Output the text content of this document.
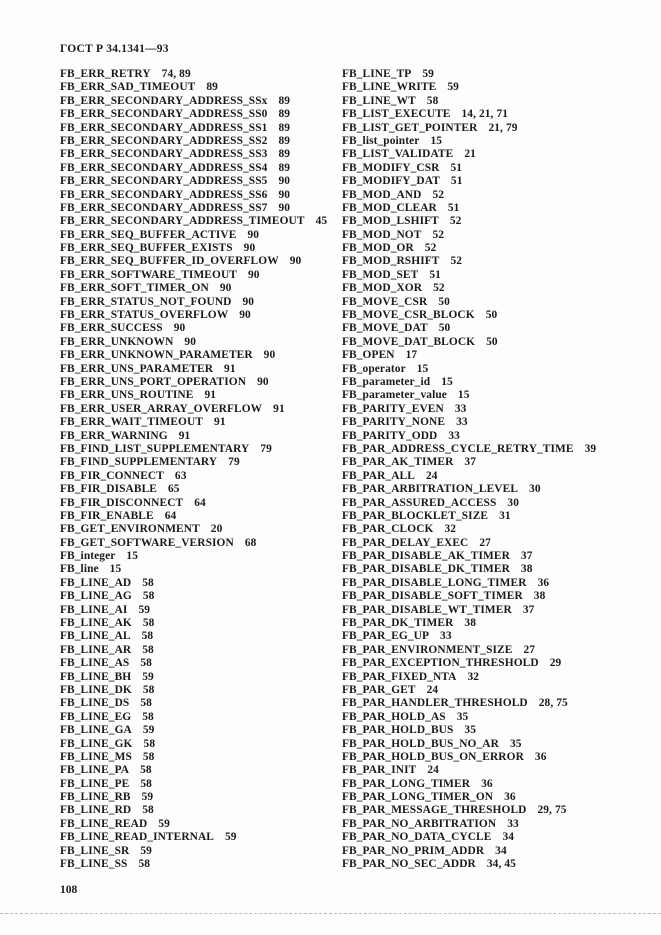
ГОСТ Р 34.1341—93
FB_ERR_RETRY 74, 89
FB_ERR_SAD_TIMEOUT 89
FB_ERR_SECONDARY_ADDRESS_SSx 89
FB_ERR_SECONDARY_ADDRESS_SS0 89
FB_ERR_SECONDARY_ADDRESS_SS1 89
FB_ERR_SECONDARY_ADDRESS_SS2 89
FB_ERR_SECONDARY_ADDRESS_SS3 89
FB_ERR_SECONDARY_ADDRESS_SS4 89
FB_ERR_SECONDARY_ADDRESS_SS5 90
FB_ERR_SECONDARY_ADDRESS_SS6 90
FB_ERR_SECONDARY_ADDRESS_SS7 90
FB_ERR_SECONDARY_ADDRESS_TIMEOUT 45
FB_ERR_SEQ_BUFFER_ACTIVE 90
FB_ERR_SEQ_BUFFER_EXISTS 90
FB_ERR_SEQ_BUFFER_ID_OVERFLOW 90
FB_ERR_SOFTWARE_TIMEOUT 90
FB_ERR_SOFT_TIMER_ON 90
FB_ERR_STATUS_NOT_FOUND 90
FB_ERR_STATUS_OVERFLOW 90
FB_ERR_SUCCESS 90
FB_ERR_UNKNOWN 90
FB_ERR_UNKNOWN_PARAMETER 90
FB_ERR_UNS_PARAMETER 91
FB_ERR_UNS_PORT_OPERATION 90
FB_ERR_UNS_ROUTINE 91
FB_ERR_USER_ARRAY_OVERFLOW 91
FB_ERR_WAIT_TIMEOUT 91
FB_ERR_WARNING 91
FB_FIND_LIST_SUPPLEMENTARY 79
FB_FIND_SUPPLEMENTARY 79
FB_FIR_CONNECT 63
FB_FIR_DISABLE 65
FB_FIR_DISCONNECT 64
FB_FIR_ENABLE 64
FB_GET_ENVIRONMENT 20
FB_GET_SOFTWARE_VERSION 68
FB_integer 15
FB_line 15
FB_LINE_AD 58
FB_LINE_AG 58
FB_LINE_AI 59
FB_LINE_AK 58
FB_LINE_AL 58
FB_LINE_AR 58
FB_LINE_AS 58
FB_LINE_BH 59
FB_LINE_DK 58
FB_LINE_DS 58
FB_LINE_EG 58
FB_LINE_GA 59
FB_LINE_GK 58
FB_LINE_MS 58
FB_LINE_PA 58
FB_LINE_PE 58
FB_LINE_RB 59
FB_LINE_RD 58
FB_LINE_READ 59
FB_LINE_READ_INTERNAL 59
FB_LINE_SR 59
FB_LINE_SS 58
FB_LINE_TP 59
FB_LINE_WRITE 59
FB_LINE_WT 58
FB_LIST_EXECUTE 14, 21, 71
FB_LIST_GET_POINTER 21, 79
FB_list_pointer 15
FB_LIST_VALIDATE 21
FB_MODIFY_CSR 51
FB_MODIFY_DAT 51
FB_MOD_AND 52
FB_MOD_CLEAR 51
FB_MOD_LSHIFT 52
FB_MOD_NOT 52
FB_MOD_OR 52
FB_MOD_RSHIFT 52
FB_MOD_SET 51
FB_MOD_XOR 52
FB_MOVE_CSR 50
FB_MOVE_CSR_BLOCK 50
FB_MOVE_DAT 50
FB_MOVE_DAT_BLOCK 50
FB_OPEN 17
FB_operator 15
FB_parameter_id 15
FB_parameter_value 15
FB_PARITY_EVEN 33
FB_PARITY_NONE 33
FB_PARITY_ODD 33
FB_PAR_ADDRESS_CYCLE_RETRY_TIME 39
FB_PAR_AK_TIMER 37
FB_PAR_ALL 24
FB_PAR_ARBITRATION_LEVEL 30
FB_PAR_ASSURED_ACCESS 30
FB_PAR_BLOCKLET_SIZE 31
FB_PAR_CLOCK 32
FB_PAR_DELAY_EXEC 27
FB_PAR_DISABLE_AK_TIMER 37
FB_PAR_DISABLE_DK_TIMER 38
FB_PAR_DISABLE_LONG_TIMER 36
FB_PAR_DISABLE_SOFT_TIMER 38
FB_PAR_DISABLE_WT_TIMER 37
FB_PAR_DK_TIMER 38
FB_PAR_EG_UP 33
FB_PAR_ENVIRONMENT_SIZE 27
FB_PAR_EXCEPTION_THRESHOLD 29
FB_PAR_FIXED_NTA 32
FB_PAR_GET 24
FB_PAR_HANDLER_THRESHOLD 28, 75
FB_PAR_HOLD_AS 35
FB_PAR_HOLD_BUS 35
FB_PAR_HOLD_BUS_NO_AR 35
FB_PAR_HOLD_BUS_ON_ERROR 36
FB_PAR_INIT 24
FB_PAR_LONG_TIMER 36
FB_PAR_LONG_TIMER_ON 36
FB_PAR_MESSAGE_THRESHOLD 29, 75
FB_PAR_NO_ARBITRATION 33
FB_PAR_NO_DATA_CYCLE 34
FB_PAR_NO_PRIM_ADDR 34
FB_PAR_NO_SEC_ADDR 34, 45
108
